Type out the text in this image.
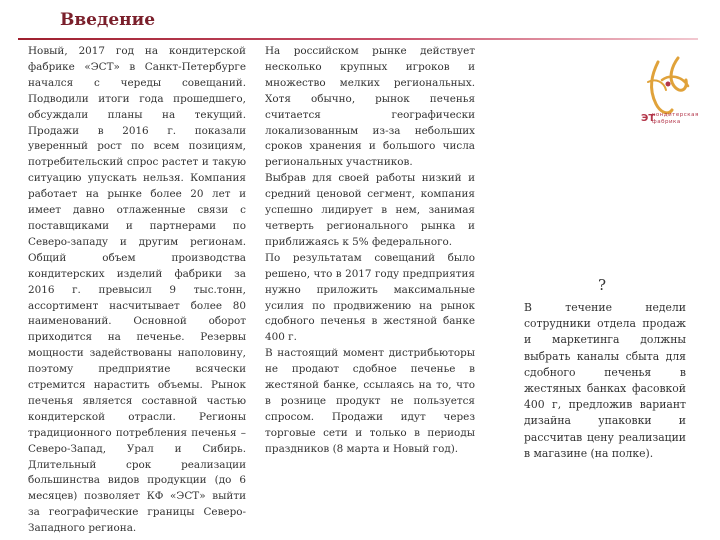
Введение

Новый, 2017 год на кондитерской фабрике «ЭСТ» в Санкт-Петербурге начался с череды совещаний. Подводили итоги года прошедшего, обсуждали планы на текущий. Продажи в 2016 г. показали уверенный рост по всем позициям, потребительский спрос растет и такую ситуацию упускать нельзя. Компания работает на рынке более 20 лет и имеет давно отлаженные связи с поставщиками и партнерами по Северо-западу и другим регионам. Общий объем производства кондитерских изделий фабрики за 2016 г. превысил 9 тыс.тонн, ассортимент насчитывает более 80 наименований. Основной оборот приходится на печенье. Резервы мощности задействованы наполовину, поэтому предприятие всячески стремится нарастить объемы. Рынок печенья является составной частью кондитерской отрасли. Регионы традиционного потребления печенья – Северо-Запад, Урал и Сибирь. Длительный срок реализации большинства видов продукции (до 6 месяцев) позволяет КФ «ЭСТ» выйти за географические границы Северо-Западного региона.

На российском рынке действует несколько крупных игроков и множество мелких региональных. Хотя обычно, рынок печенья считается географически локализованным из-за небольших сроков хранения и большого числа региональных участников.

Выбрав для своей работы низкий и средний ценовой сегмент, компания успешно лидирует в нем, занимая четверть регионального рынка и приближаясь к 5% федерального.

По результатам совещаний было решено, что в 2017 году предприятия нужно приложить максимальные усилия по продвижению на рынок сдобного печенья в жестяной банке 400 г.

В настоящий момент дистрибьюторы не продают сдобное печенье в жестяной банке, ссылаясь на то, что в рознице продукт не пользуется спросом. Продажи идут через торговые сети и только в периоды праздников (8 марта и Новый год).

?

В течение недели сотрудники отдела продаж и маркетинга должны выбрать каналы сбыта для сдобного печенья в жестяных банках фасовкой 400 г, предложив вариант дизайна упаковки и рассчитав цену реализации в магазине (на полке).

ЭТ
кондитерская фабрика
